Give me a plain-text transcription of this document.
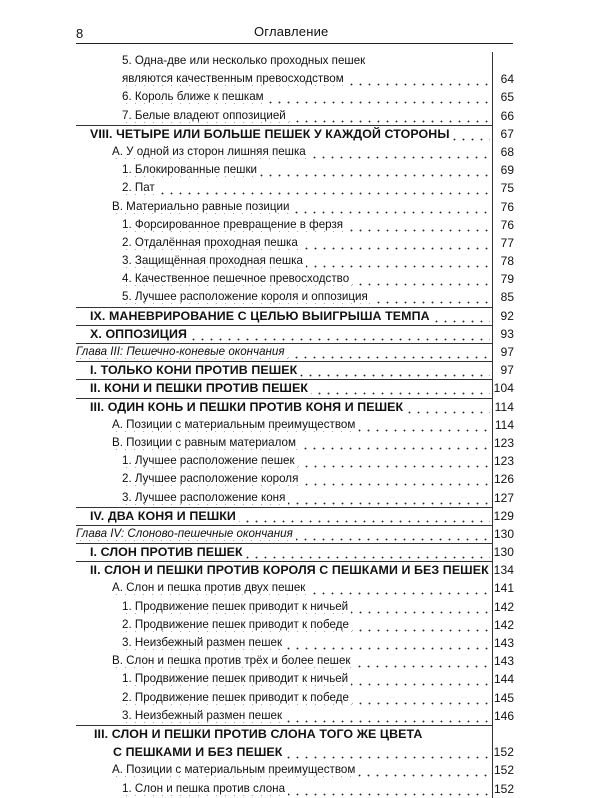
8	Оглавление
5. Одна-две или несколько проходных пешек
являются качественным превосходством	64
6. Король ближе к пешкам	65
7. Белые владеют оппозицией	66
VIII. ЧЕТЫРЕ ИЛИ БОЛЬШЕ ПЕШЕК У КАЖДОЙ СТОРОНЫ	67
А. У одной из сторон лишняя пешка	68
1. Блокированные пешки	69
2. Пат	75
В. Материально равные позиции	76
1. Форсированное превращение в ферзя	76
2. Отдалённая проходная пешка	77
3. Защищённая проходная пешка	78
4. Качественное пешечное превосходство	79
5. Лучшее расположение короля и оппозиция	85
IX. МАНЕВРИРОВАНИЕ С ЦЕЛЬЮ ВЫИГРЫША ТЕМПА	92
X. ОППОЗИЦИЯ	93
Глава III: Пешечно-коневые окончания	97
I. ТОЛЬКО КОНИ ПРОТИВ ПЕШЕК	97
II. КОНИ И ПЕШКИ ПРОТИВ ПЕШЕК	104
III. ОДИН КОНЬ И ПЕШКИ ПРОТИВ КОНЯ И ПЕШЕК	114
А. Позиции с материальным преимуществом	114
В. Позиции с равным материалом	123
1. Лучшее расположение пешек	123
2. Лучшее расположение короля	126
3. Лучшее расположение коня	127
IV. ДВА КОНЯ И ПЕШКИ	129
Глава IV: Слоново-пешечные окончания	130
I. СЛОН ПРОТИВ ПЕШЕК	130
II. СЛОН И ПЕШКИ ПРОТИВ КОРОЛЯ С ПЕШКАМИ И БЕЗ ПЕШЕК 134
А. Слон и пешка против двух пешек	141
1. Продвижение пешек приводит к ничьей	142
2. Продвижение пешек приводит к победе	142
3. Неизбежный размен пешек	143
В. Слон и пешка против трёх и более пешек	143
1. Продвижение пешек приводит к ничьей	144
2. Продвижение пешек приводит к победе	145
3. Неизбежный размен пешек	146
III. СЛОН И ПЕШКИ ПРОТИВ СЛОНА ТОГО ЖЕ ЦВЕТА
С ПЕШКАМИ И БЕЗ ПЕШЕК	152
А. Позиции с материальным преимуществом	152
1. Слон и пешка против слона	152
